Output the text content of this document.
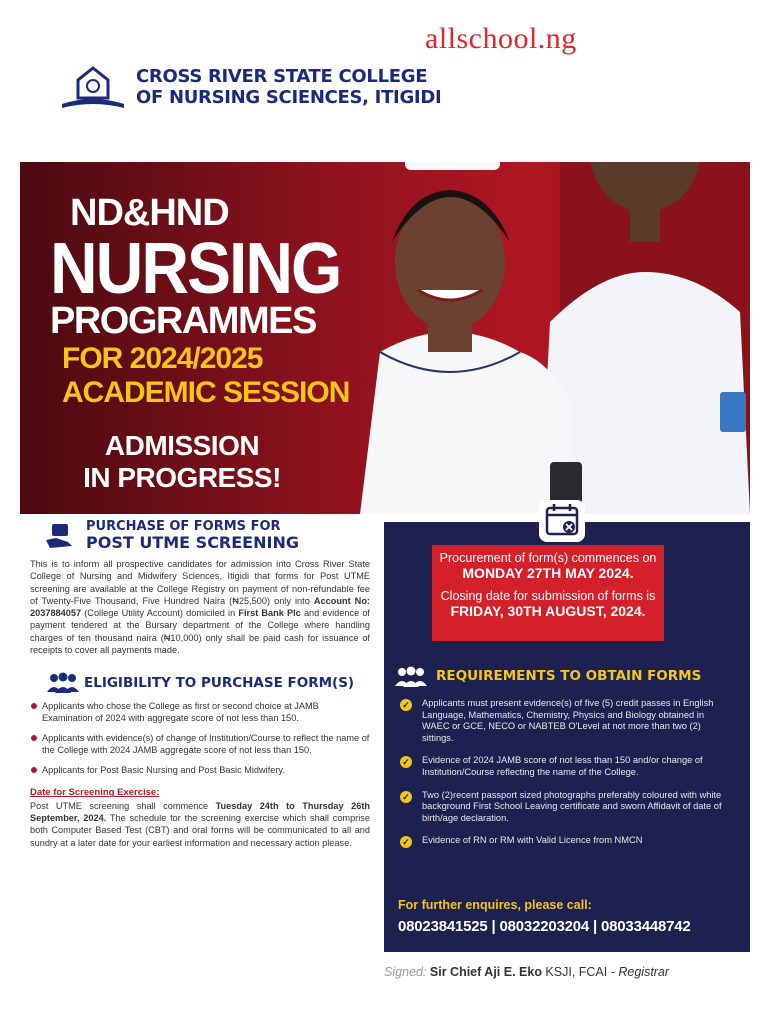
allschool.ng
CROSS RIVER STATE COLLEGE
OF NURSING SCIENCES, ITIGIDI
ND&HND
NURSING
PROGRAMMES
FOR 2024/2025
ACADEMIC SESSION
ADMISSION
IN PROGRESS!
PURCHASE OF FORMS FOR
POST UTME SCREENING

This is to inform all prospective candidates for admission into Cross River State College of Nursing and Midwifery Sciences, Itigidi that forms for Post UTME screening are available at the College Registry on payment of non-refundable fee of Twenty-Five Thousand, Five Hundred Naira (₦25,500) only into Account No: 2037884057 (College Utility Account) domiciled in First Bank Plc and evidence of payment tendered at the Bursary department of the College where handling charges of ten thousand naira (₦10,000) only shall be paid cash for issuance of receipts to cover all payments made.

ELIGIBILITY TO PURCHASE FORM(S)
Applicants who chose the College as first or second choice at JAMB Examination of 2024 with aggregate score of not less than 150.
Applicants with evidence(s) of change of Institution/Course to reflect the name of the College with 2024 JAMB aggregate score of not less than 150.
Applicants for Post Basic Nursing and Post Basic Midwifery.

Date for Screening Exercise:
Post UTME screening shall commence Tuesday 24th to Thursday 26th September, 2024. The schedule for the screening exercise which shall comprise both Computer Based Test (CBT) and oral forms will be communicated to all and sundry at a later date for your earliest information and necessary action please.

Procurement of form(s) commences on
MONDAY 27TH MAY 2024.
Closing date for submission of forms is
FRIDAY, 30TH AUGUST, 2024.
REQUIREMENTS TO OBTAIN FORMS
✓ Applicants must present evidence(s) of five (5) credit passes in English Language, Mathematics, Chemistry, Physics and Biology obtained in WAEC or GCE, NECO or NABTEB O'Level at not more than two (2) sittings.
✓ Evidence of 2024 JAMB score of not less than 150 and/or change of Institution/Course reflecting the name of the College.
✓ Two (2)recent passport sized photographs preferably coloured with white background First School Leaving certificate and sworn Affidavit of date of birth/age declaration.
✓ Evidence of RN or RM with Valid Licence from NMCN
For further enquires, please call:
08023841525 | 08032203204 | 08033448742
Signed: Sir Chief Aji E. Eko KSJI, FCAI - Registrar
